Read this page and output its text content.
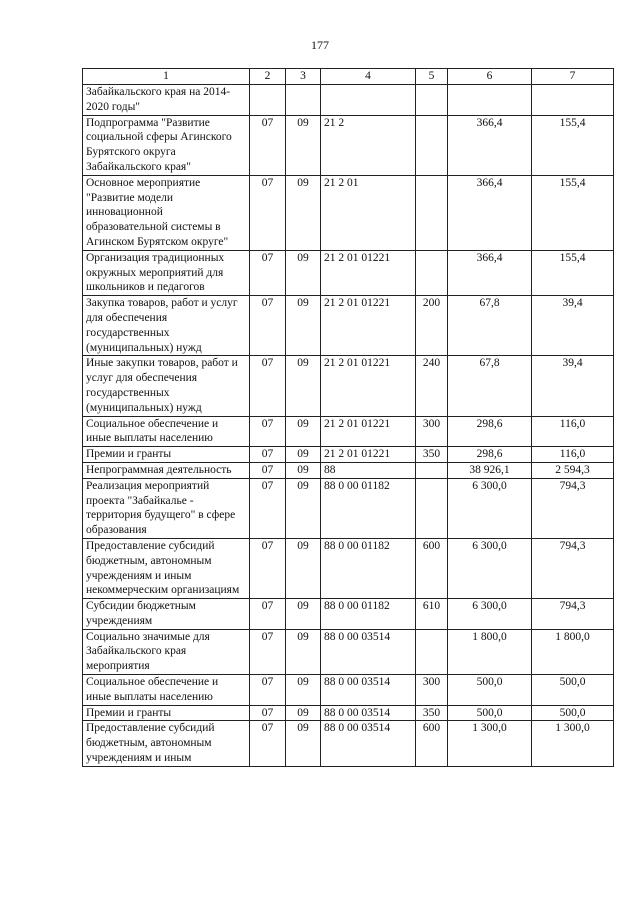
177
1	2	3	4	5	6	7
Забайкальского края на 2014-2020 годы"						
Подпрограмма "Развитие социальной сферы Агинского Бурятского округа Забайкальского края"	07	09	21 2		366,4	155,4
Основное мероприятие "Развитие модели инновационной образовательной системы в Агинском Бурятском округе"	07	09	21 2 01		366,4	155,4
Организация традиционных окружных мероприятий для школьников и педагогов	07	09	21 2 01 01221		366,4	155,4
Закупка товаров, работ и услуг для обеспечения государственных (муниципальных) нужд	07	09	21 2 01 01221	200	67,8	39,4
Иные закупки товаров, работ и услуг для обеспечения государственных (муниципальных) нужд	07	09	21 2 01 01221	240	67,8	39,4
Социальное обеспечение и иные выплаты населению	07	09	21 2 01 01221	300	298,6	116,0
Премии и гранты	07	09	21 2 01 01221	350	298,6	116,0
Непрограммная деятельность	07	09	88		38 926,1	2 594,3
Реализация мероприятий проекта "Забайкалье - территория будущего" в сфере образования	07	09	88 0 00 01182		6 300,0	794,3
Предоставление субсидий бюджетным, автономным учреждениям и иным некоммерческим организациям	07	09	88 0 00 01182	600	6 300,0	794,3
Субсидии бюджетным учреждениям	07	09	88 0 00 01182	610	6 300,0	794,3
Социально значимые для Забайкальского края мероприятия	07	09	88 0 00 03514		1 800,0	1 800,0
Социальное обеспечение и иные выплаты населению	07	09	88 0 00 03514	300	500,0	500,0
Премии и гранты	07	09	88 0 00 03514	350	500,0	500,0
Предоставление субсидий бюджетным, автономным учреждениям и иным	07	09	88 0 00 03514	600	1 300,0	1 300,0
